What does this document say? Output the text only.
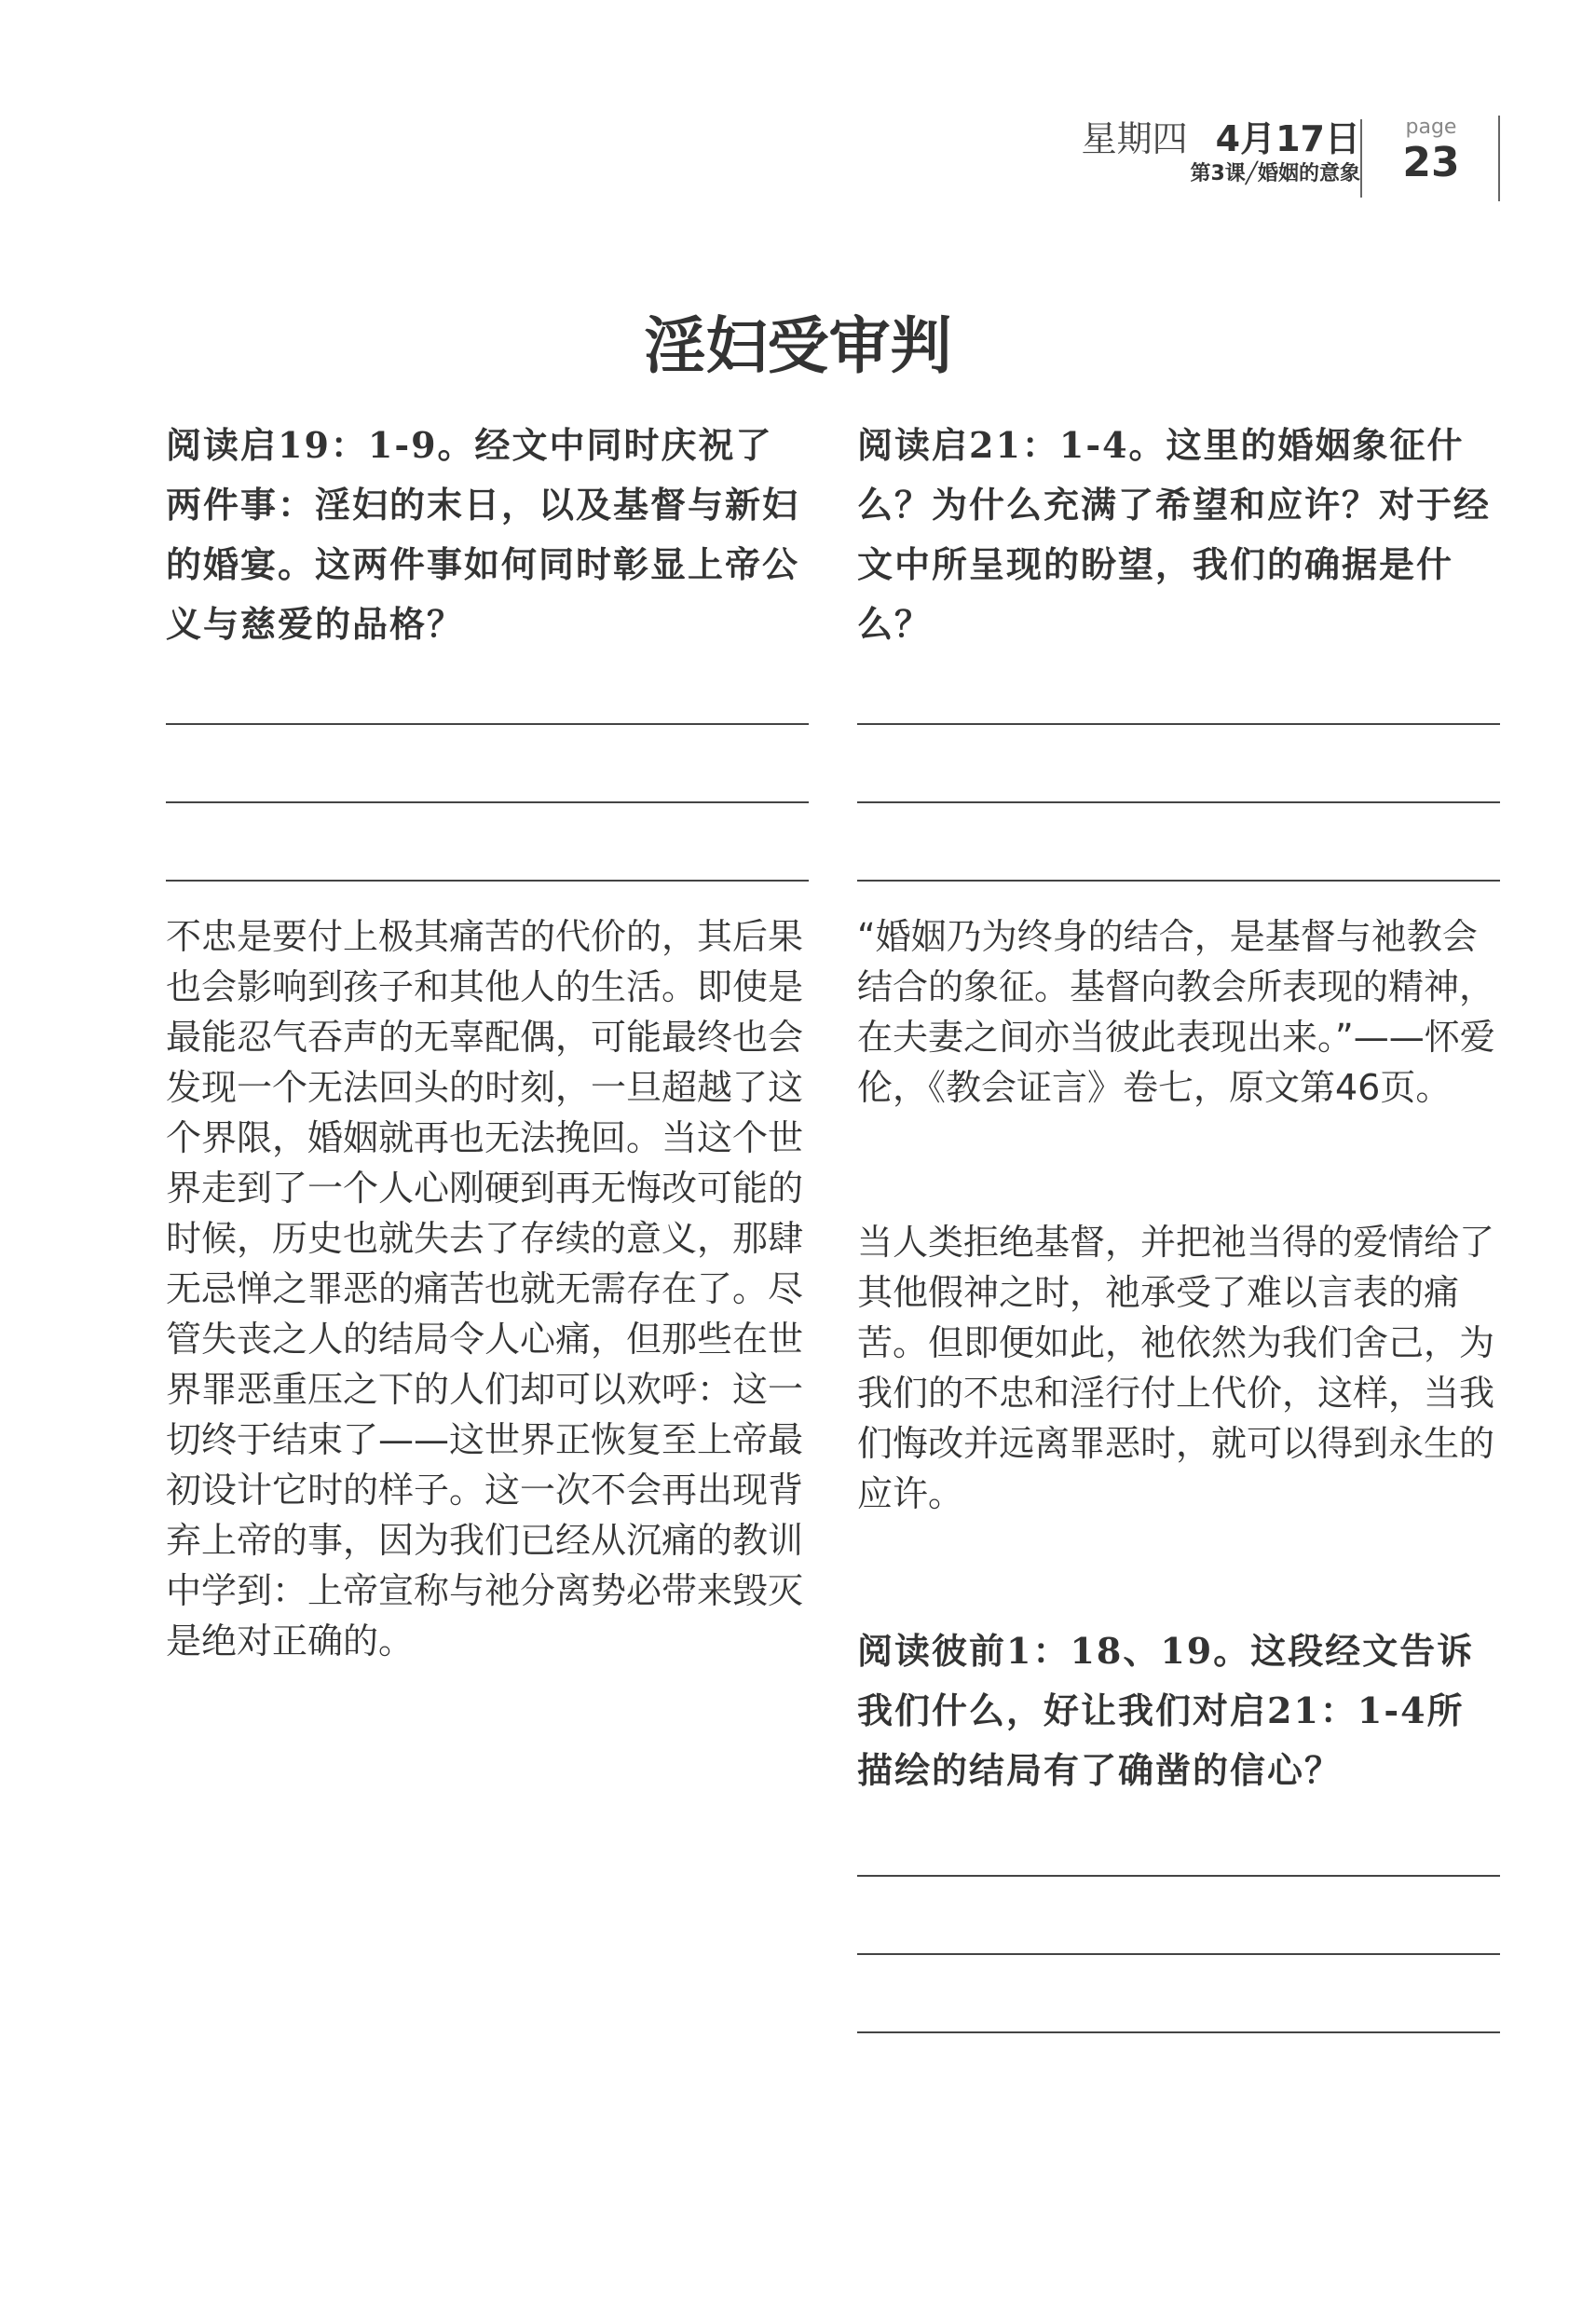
星期四 4月17日
第3课╱婚姻的意象
page
23
淫妇受审判

阅读启19：1-9。经文中同时庆祝了两件事：淫妇的末日，以及基督与新妇的婚宴。这两件事如何同时彰显上帝公义与慈爱的品格？

不忠是要付上极其痛苦的代价的，其后果也会影响到孩子和其他人的生活。即使是最能忍气吞声的无辜配偶，可能最终也会发现一个无法回头的时刻，一旦超越了这个界限，婚姻就再也无法挽回。当这个世界走到了一个人心刚硬到再无悔改可能的时候，历史也就失去了存续的意义，那肆无忌惮之罪恶的痛苦也就无需存在了。尽管失丧之人的结局令人心痛，但那些在世界罪恶重压之下的人们却可以欢呼：这一切终于结束了——这世界正恢复至上帝最初设计它时的样子。这一次不会再出现背弃上帝的事，因为我们已经从沉痛的教训中学到：上帝宣称与祂分离势必带来毁灭是绝对正确的。

阅读启21：1-4。这里的婚姻象征什么？为什么充满了希望和应许？对于经文中所呈现的盼望，我们的确据是什么？

“婚姻乃为终身的结合，是基督与祂教会结合的象征。基督向教会所表现的精神，在夫妻之间亦当彼此表现出来。”——怀爱伦，《教会证言》卷七，原文第46页。

当人类拒绝基督，并把祂当得的爱情给了其他假神之时，祂承受了难以言表的痛苦。但即便如此，祂依然为我们舍己，为我们的不忠和淫行付上代价，这样，当我们悔改并远离罪恶时，就可以得到永生的应许。

阅读彼前1：18、19。这段经文告诉我们什么，好让我们对启21：1-4所描绘的结局有了确凿的信心？
